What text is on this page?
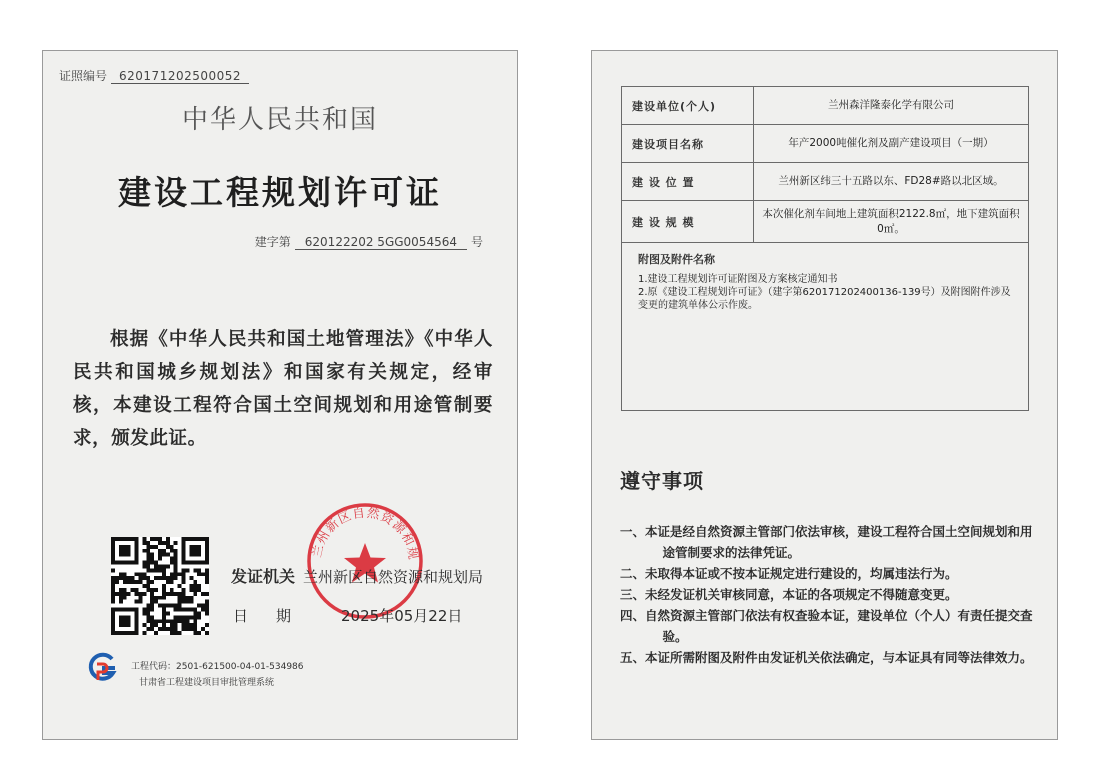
证照编号 620171202500052
中华人民共和国
建设工程规划许可证
建字第 620122202 5GG0054564 号
根据《中华人民共和国土地管理法》《中华人民共和国城乡规划法》和国家有关规定，经审核，本建设工程符合国土空间规划和用途管制要求，颁发此证。
兰州新区自然资源和规
发证机关 兰州新区自然资源和规划局
日期 2025年05月22日
工程代码：2501-621500-04-01-534986
甘肃省工程建设项目审批管理系统
建设单位(个人)	兰州森洋隆泰化学有限公司
建设项目名称	年产2000吨催化剂及副产建设项目（一期）
建 设 位 置	兰州新区纬三十五路以东、FD28#路以北区域。
建 设 规 模	本次催化剂车间地上建筑面积2122.8㎡，地下建筑面积0㎡。

附图及附件名称
1.建设工程规划许可证附图及方案核定通知书
2.原《建设工程规划许可证》（建字第620171202400136-139号）及附图附件涉及变更的建筑单体公示作废。	
遵守事项
一、本证是经自然资源主管部门依法审核，建设工程符合国土空间规划和用途管制要求的法律凭证。
二、未取得本证或不按本证规定进行建设的，均属违法行为。
三、未经发证机关审核同意，本证的各项规定不得随意变更。
四、自然资源主管部门依法有权查验本证，建设单位（个人）有责任提交查验。
五、本证所需附图及附件由发证机关依法确定，与本证具有同等法律效力。
